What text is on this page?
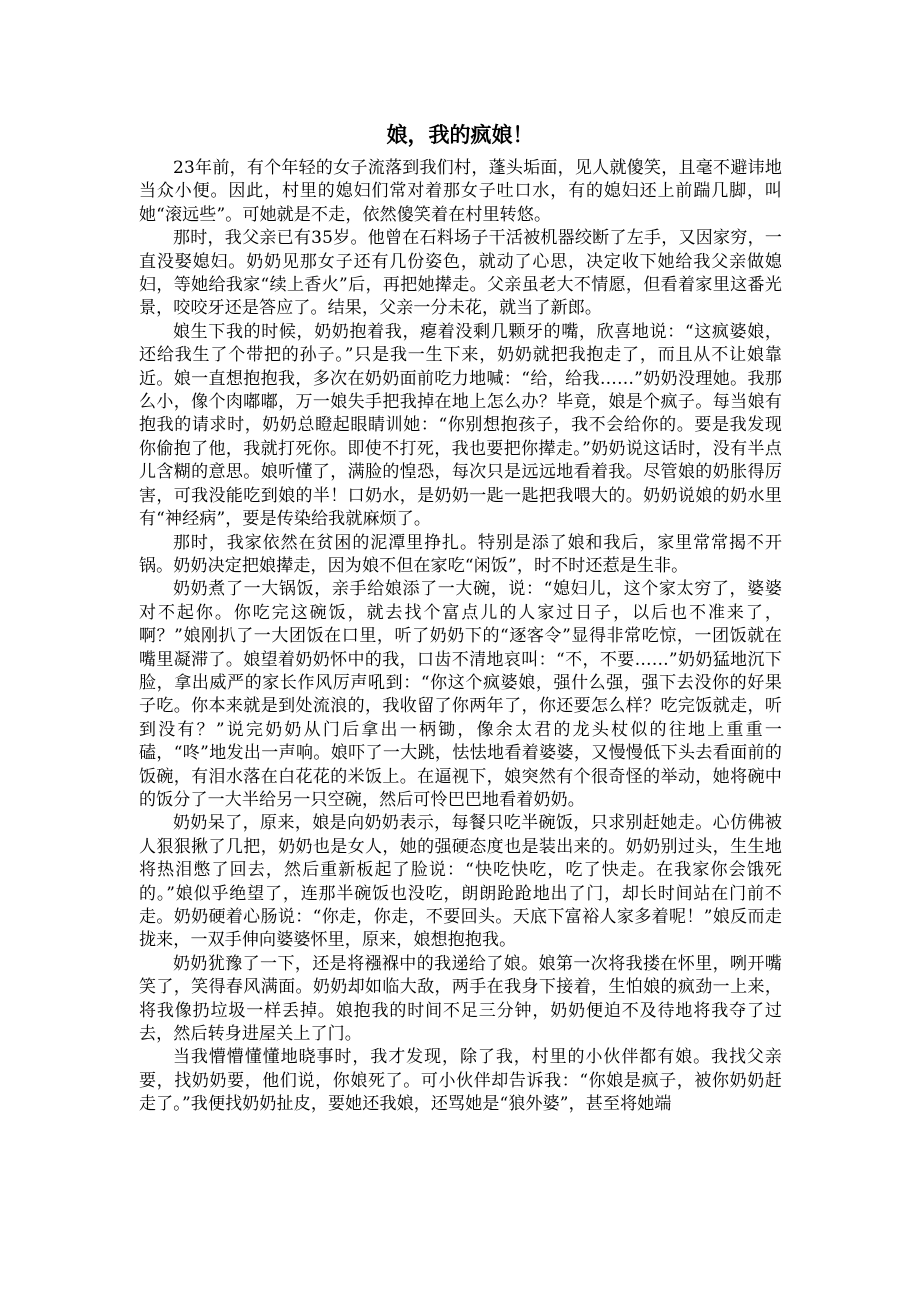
娘，我的疯娘！

23年前，有个年轻的女子流落到我们村，蓬头垢面，见人就傻笑，且毫不避讳地当众小便。因此，村里的媳妇们常对着那女子吐口水，有的媳妇还上前踹几脚，叫她“滚远些”。可她就是不走，依然傻笑着在村里转悠。

那时，我父亲已有35岁。他曾在石料场子干活被机器绞断了左手，又因家穷，一直没娶媳妇。奶奶见那女子还有几份姿色，就动了心思，决定收下她给我父亲做媳妇，等她给我家“续上香火”后，再把她撵走。父亲虽老大不情愿，但看着家里这番光景，咬咬牙还是答应了。结果，父亲一分未花，就当了新郎。

娘生下我的时候，奶奶抱着我，瘪着没剩几颗牙的嘴，欣喜地说：“这疯婆娘，还给我生了个带把的孙子。”只是我一生下来，奶奶就把我抱走了，而且从不让娘靠近。娘一直想抱抱我，多次在奶奶面前吃力地喊：“给，给我……”奶奶没理她。我那么小，像个肉嘟嘟，万一娘失手把我掉在地上怎么办？毕竟，娘是个疯子。每当娘有抱我的请求时，奶奶总瞪起眼睛训她：“你别想抱孩子，我不会给你的。要是我发现你偷抱了他，我就打死你。即使不打死，我也要把你撵走。”奶奶说这话时，没有半点儿含糊的意思。娘听懂了，满脸的惶恐，每次只是远远地看着我。尽管娘的奶胀得厉害，可我没能吃到娘的半！口奶水，是奶奶一匙一匙把我喂大的。奶奶说娘的奶水里有“神经病”，要是传染给我就麻烦了。

那时，我家依然在贫困的泥潭里挣扎。特别是添了娘和我后，家里常常揭不开锅。奶奶决定把娘撵走，因为娘不但在家吃“闲饭”，时不时还惹是生非。

奶奶煮了一大锅饭，亲手给娘添了一大碗，说：“媳妇儿，这个家太穷了，婆婆对不起你。你吃完这碗饭，就去找个富点儿的人家过日子，以后也不准来了，啊？”娘刚扒了一大团饭在口里，听了奶奶下的“逐客令”显得非常吃惊，一团饭就在嘴里凝滞了。娘望着奶奶怀中的我，口齿不清地哀叫：“不，不要……”奶奶猛地沉下脸，拿出威严的家长作风厉声吼到：“你这个疯婆娘，强什么强，强下去没你的好果子吃。你本来就是到处流浪的，我收留了你两年了，你还要怎么样？吃完饭就走，听到没有？”说完奶奶从门后拿出一柄锄，像余太君的龙头杖似的往地上重重一磕，“咚”地发出一声响。娘吓了一大跳，怯怯地看着婆婆，又慢慢低下头去看面前的饭碗，有泪水落在白花花的米饭上。在逼视下，娘突然有个很奇怪的举动，她将碗中的饭分了一大半给另一只空碗，然后可怜巴巴地看着奶奶。

奶奶呆了，原来，娘是向奶奶表示，每餐只吃半碗饭，只求别赶她走。心仿佛被人狠狠揪了几把，奶奶也是女人，她的强硬态度也是装出来的。奶奶别过头，生生地将热泪憋了回去，然后重新板起了脸说：“快吃快吃，吃了快走。在我家你会饿死的。”娘似乎绝望了，连那半碗饭也没吃，朗朗跄跄地出了门，却长时间站在门前不走。奶奶硬着心肠说：“你走，你走，不要回头。天底下富裕人家多着呢！”娘反而走拢来，一双手伸向婆婆怀里，原来，娘想抱抱我。

奶奶犹豫了一下，还是将襁褓中的我递给了娘。娘第一次将我搂在怀里，咧开嘴笑了，笑得春风满面。奶奶却如临大敌，两手在我身下接着，生怕娘的疯劲一上来，将我像扔垃圾一样丢掉。娘抱我的时间不足三分钟，奶奶便迫不及待地将我夺了过去，然后转身进屋关上了门。

当我懵懵懂懂地晓事时，我才发现，除了我，村里的小伙伴都有娘。我找父亲要，找奶奶要，他们说，你娘死了。可小伙伴却告诉我：“你娘是疯子，被你奶奶赶走了。”我便找奶奶扯皮，要她还我娘，还骂她是“狼外婆”，甚至将她端
